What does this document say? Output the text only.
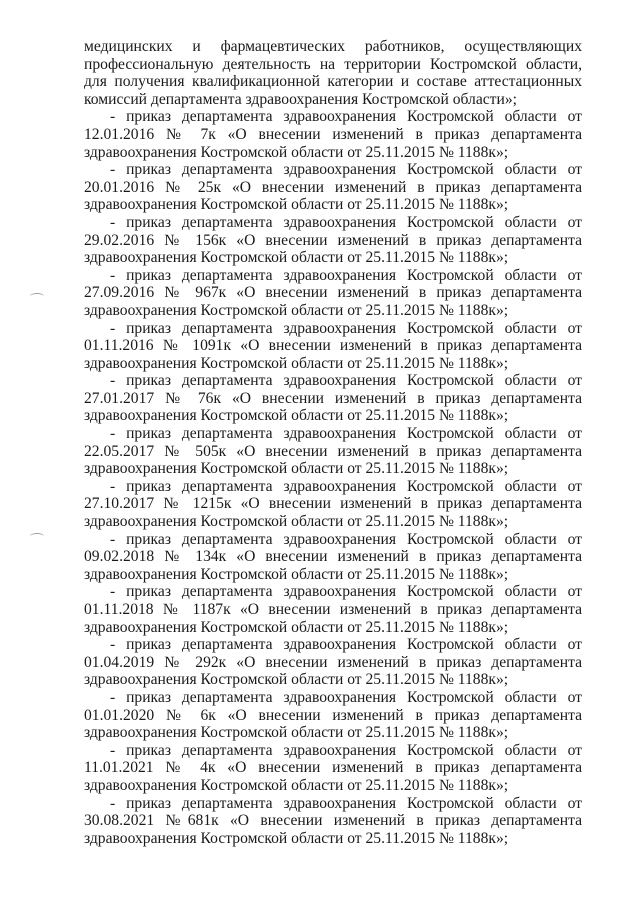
медицинских и фармацевтических работников, осуществляющих профессиональную деятельность на территории Костромской области, для получения квалификационной категории и составе аттестационных комиссий департамента здравоохранения Костромской области»;

- приказ департамента здравоохранения Костромской области от 12.01.2016 № 7к «О внесении изменений в приказ департамента здравоохранения Костромской области от 25.11.2015 № 1188к»;

- приказ департамента здравоохранения Костромской области от 20.01.2016 № 25к «О внесении изменений в приказ департамента здравоохранения Костромской области от 25.11.2015 № 1188к»;

- приказ департамента здравоохранения Костромской области от 29.02.2016 № 156к «О внесении изменений в приказ департамента здравоохранения Костромской области от 25.11.2015 № 1188к»;

- приказ департамента здравоохранения Костромской области от 27.09.2016 № 967к «О внесении изменений в приказ департамента здравоохранения Костромской области от 25.11.2015 № 1188к»;

- приказ департамента здравоохранения Костромской области от 01.11.2016 № 1091к «О внесении изменений в приказ департамента здравоохранения Костромской области от 25.11.2015 № 1188к»;

- приказ департамента здравоохранения Костромской области от 27.01.2017 № 76к «О внесении изменений в приказ департамента здравоохранения Костромской области от 25.11.2015 № 1188к»;

- приказ департамента здравоохранения Костромской области от 22.05.2017 № 505к «О внесении изменений в приказ департамента здравоохранения Костромской области от 25.11.2015 № 1188к»;

- приказ департамента здравоохранения Костромской области от 27.10.2017 № 1215к «О внесении изменений в приказ департамента здравоохранения Костромской области от 25.11.2015 № 1188к»;

- приказ департамента здравоохранения Костромской области от 09.02.2018 № 134к «О внесении изменений в приказ департамента здравоохранения Костромской области от 25.11.2015 № 1188к»;

- приказ департамента здравоохранения Костромской области от 01.11.2018 № 1187к «О внесении изменений в приказ департамента здравоохранения Костромской области от 25.11.2015 № 1188к»;

- приказ департамента здравоохранения Костромской области от 01.04.2019 № 292к «О внесении изменений в приказ департамента здравоохранения Костромской области от 25.11.2015 № 1188к»;

- приказ департамента здравоохранения Костромской области от 01.01.2020 № 6к «О внесении изменений в приказ департамента здравоохранения Костромской области от 25.11.2015 № 1188к»;

- приказ департамента здравоохранения Костромской области от 11.01.2021 № 4к «О внесении изменений в приказ департамента здравоохранения Костромской области от 25.11.2015 № 1188к»;

- приказ департамента здравоохранения Костромской области от 30.08.2021 №681к «О внесении изменений в приказ департамента здравоохранения Костромской области от 25.11.2015 № 1188к»;
